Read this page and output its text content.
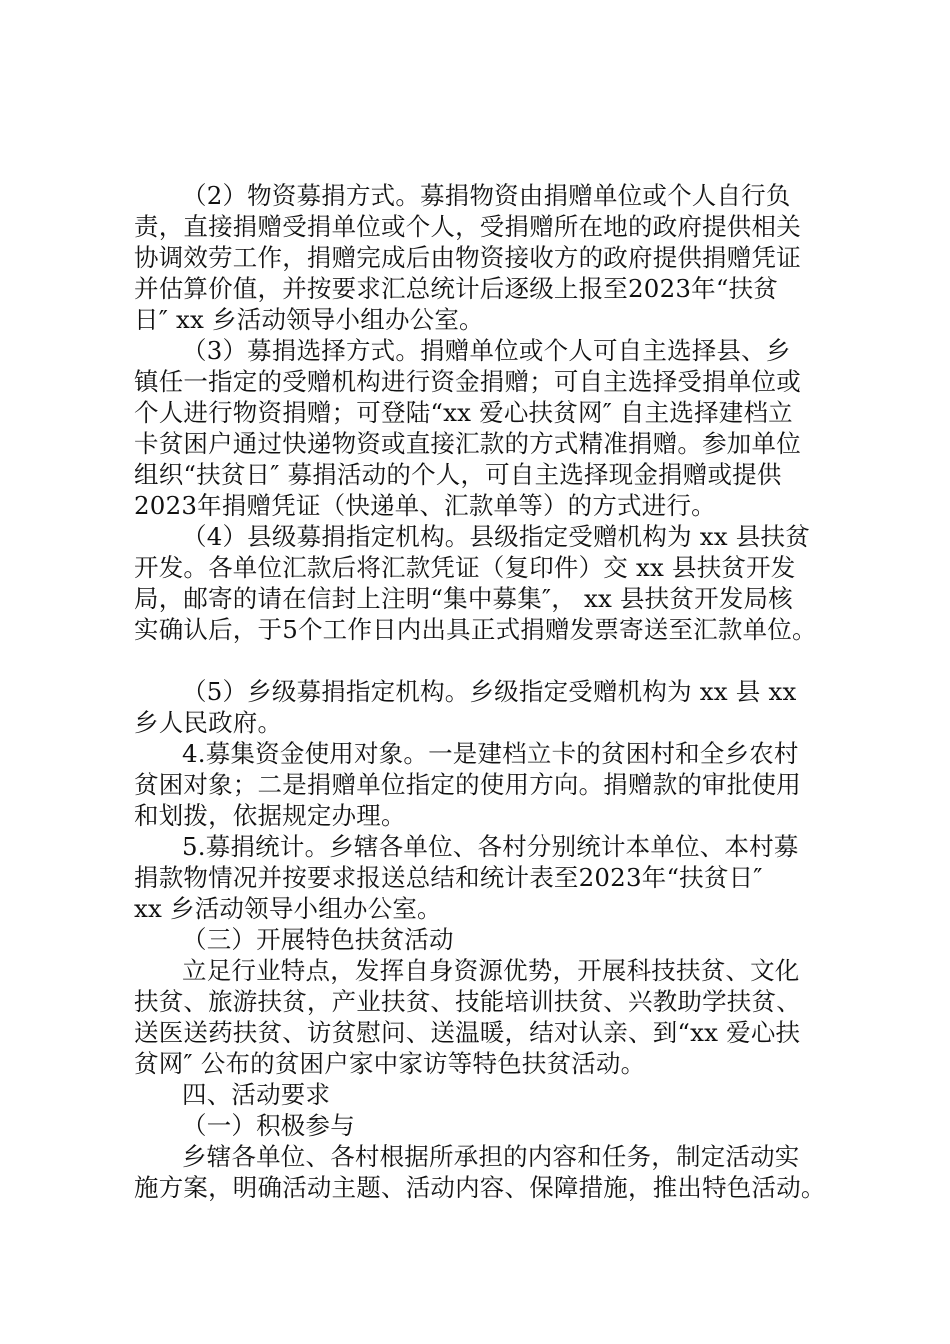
（2）物资募捐方式。募捐物资由捐赠单位或个人自行负
责，直接捐赠受捐单位或个人，受捐赠所在地的政府提供相关
协调效劳工作，捐赠完成后由物资接收方的政府提供捐赠凭证
并估算价值，并按要求汇总统计后逐级上报至2023年“扶贫
日″ xx 乡活动领导小组办公室。
（3）募捐选择方式。捐赠单位或个人可自主选择县、乡
镇任一指定的受赠机构进行资金捐赠；可自主选择受捐单位或
个人进行物资捐赠；可登陆“xx 爱心扶贫网″ 自主选择建档立
卡贫困户通过快递物资或直接汇款的方式精准捐赠。参加单位
组织“扶贫日″ 募捐活动的个人，可自主选择现金捐赠或提供
2023年捐赠凭证（快递单、汇款单等）的方式进行。
（4）县级募捐指定机构。县级指定受赠机构为 xx 县扶贫
开发。各单位汇款后将汇款凭证（复印件）交 xx 县扶贫开发
局，邮寄的请在信封上注明“集中募集″， xx 县扶贫开发局核
实确认后，于5个工作日内出具正式捐赠发票寄送至汇款单位。
（5）乡级募捐指定机构。乡级指定受赠机构为 xx 县 xx
乡人民政府。
4.募集资金使用对象。一是建档立卡的贫困村和全乡农村
贫困对象；二是捐赠单位指定的使用方向。捐赠款的审批使用
和划拨，依据规定办理。
5.募捐统计。乡辖各单位、各村分别统计本单位、本村募
捐款物情况并按要求报送总结和统计表至2023年“扶贫日″
xx 乡活动领导小组办公室。
（三）开展特色扶贫活动
立足行业特点，发挥自身资源优势，开展科技扶贫、文化
扶贫、旅游扶贫，产业扶贫、技能培训扶贫、兴教助学扶贫、
送医送药扶贫、访贫慰问、送温暖，结对认亲、到“xx 爱心扶
贫网″ 公布的贫困户家中家访等特色扶贫活动。
四、活动要求
（一）积极参与
乡辖各单位、各村根据所承担的内容和任务，制定活动实
施方案，明确活动主题、活动内容、保障措施，推出特色活动。
